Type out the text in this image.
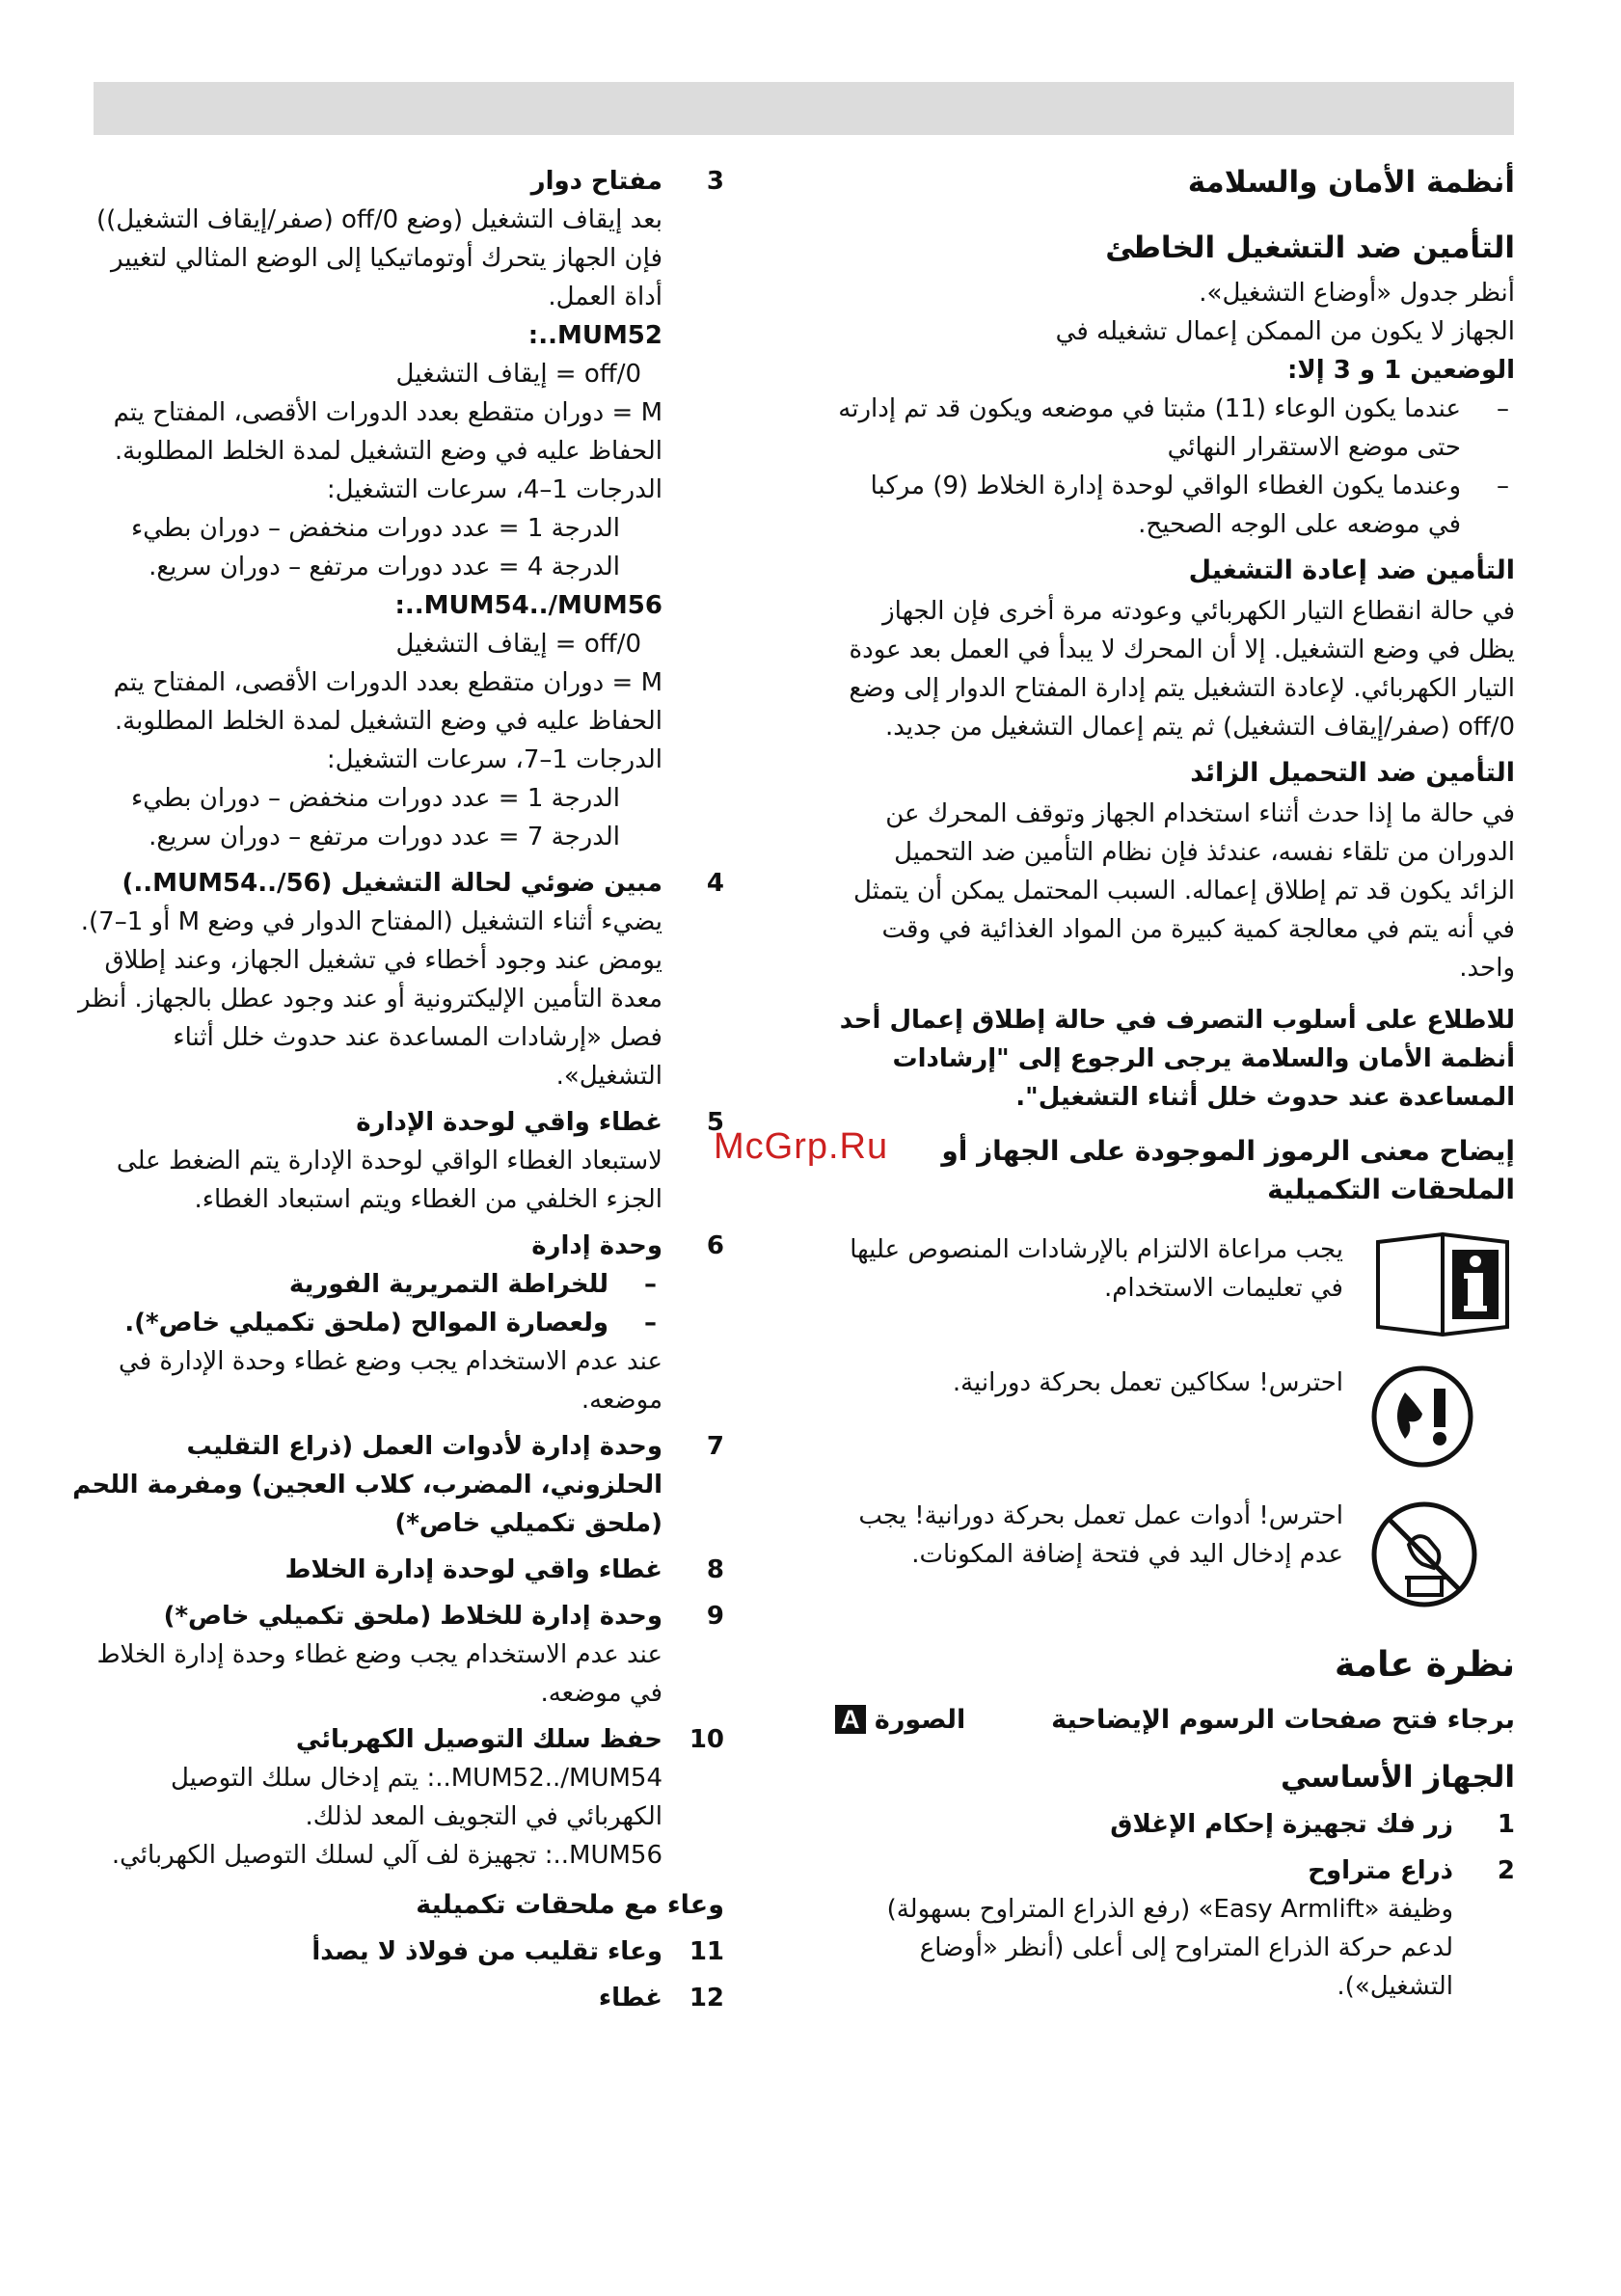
أنظمة الأمان والسلامة
التأمين ضد التشغيل الخاطئ

أنظر جدول «أوضاع التشغيل».

الجهاز لا يكون من الممكن إعمال تشغيله في

الوضعين 1 و 3 إلا:

– عندما يكون الوعاء (11) مثبتا في موضعه ويكون قد تم إدارته حتى موضع الاستقرار النهائي

– وعندما يكون الغطاء الواقي لوحدة إدارة الخلاط (9) مركبا في موضعه على الوجه الصحيح.

التأمين ضد إعادة التشغيل

في حالة انقطاع التيار الكهربائي وعودته مرة أخرى فإن الجهاز يظل في وضع التشغيل. إلا أن المحرك لا يبدأ في العمل بعد عودة التيار الكهربائي. لإعادة التشغيل يتم إدارة المفتاح الدوار إلى وضع off/0 (صفر/إيقاف التشغيل) ثم يتم إعمال التشغيل من جديد.

التأمين ضد التحميل الزائد

في حالة ما إذا حدث أثناء استخدام الجهاز وتوقف المحرك عن الدوران من تلقاء نفسه، عندئذ فإن نظام التأمين ضد التحميل الزائد يكون قد تم إطلاق إعماله. السبب المحتمل يمكن أن يتمثل في أنه يتم في معالجة كمية كبيرة من المواد الغذائية في وقت واحد.

للاطلاع على أسلوب التصرف في حالة إطلاق إعمال أحد أنظمة الأمان والسلامة يرجى الرجوع إلى "إرشادات المساعدة عند حدوث خلل أثناء التشغيل".

إيضاح معنى الرموز الموجودة على الجهاز أو الملحقات التكميلية
يجب مراعاة الالتزام بالإرشادات المنصوص عليها في تعليمات الاستخدام.
احترس! سكاكين تعمل بحركة دورانية.
احترس! أدوات عمل تعمل بحركة دورانية! يجب عدم إدخال اليد في فتحة إضافة المكونات.
نظرة عامة
برجاء فتح صفحات الرسوم الإيضاحية
الصورة A
الجهاز الأساسي
1
زر فك تجهيزة إحكام الإغلاق
2
ذراع متراوح
وظيفة «Easy Armlift» (رفع الذراع المتراوح بسهولة) لدعم حركة الذراع المتراوح إلى أعلى (أنظر «أوضاع التشغيل»).
3
مفتاح دوار
بعد إيقاف التشغيل (وضع off/0 (صفر/إيقاف التشغيل)) فإن الجهاز يتحرك أوتوماتيكيا إلى الوضع المثالي لتغيير أداة العمل.
MUM52..:
off/0 = إيقاف التشغيل
M = دوران متقطع بعدد الدورات الأقصى، المفتاح يتم الحفاظ عليه في وضع التشغيل لمدة الخلط المطلوبة.
الدرجات 1–4، سرعات التشغيل:
الدرجة 1 = عدد دورات منخفض – دوران بطيء
الدرجة 4 = عدد دورات مرتفع – دوران سريع.
MUM54../MUM56..:
off/0 = إيقاف التشغيل
M = دوران متقطع بعدد الدورات الأقصى، المفتاح يتم الحفاظ عليه في وضع التشغيل لمدة الخلط المطلوبة.
الدرجات 1–7، سرعات التشغيل:
الدرجة 1 = عدد دورات منخفض – دوران بطيء
الدرجة 7 = عدد دورات مرتفع – دوران سريع.
4
مبين ضوئي لحالة التشغيل (MUM54../56..)
يضيء أثناء التشغيل (المفتاح الدوار في وضع M أو 1–7). يومض عند وجود أخطاء في تشغيل الجهاز، وعند إطلاق معدة التأمين الإليكترونية أو عند وجود عطل بالجهاز. أنظر فصل «إرشادات المساعدة عند حدوث خلل أثناء التشغيل».
5
غطاء واقي لوحدة الإدارة
لاستبعاد الغطاء الواقي لوحدة الإدارة يتم الضغط على الجزء الخلفي من الغطاء ويتم استبعاد الغطاء.
6
وحدة إدارة
– للخراطة التمريرية الفورية
– ولعصارة الموالح (ملحق تكميلي خاص*).
عند عدم الاستخدام يجب وضع غطاء وحدة الإدارة في موضعه.
7
وحدة إدارة لأدوات العمل (ذراع التقليب الحلزوني، المضرب، كلاب العجين) ومفرمة اللحم (ملحق تكميلي خاص*)
8
غطاء واقي لوحدة إدارة الخلاط
9
وحدة إدارة للخلاط (ملحق تكميلي خاص*)
عند عدم الاستخدام يجب وضع غطاء وحدة إدارة الخلاط في موضعه.
10
حفظ سلك التوصيل الكهربائي
MUM52../MUM54..: يتم إدخال سلك التوصيل الكهربائي في التجويف المعد لذلك.
MUM56..: تجهيزة لف آلي لسلك التوصيل الكهربائي.
وعاء مع ملحقات تكميلية
11
وعاء تقليب من فولاذ لا يصدأ
12
غطاء
McGrp.Ru
